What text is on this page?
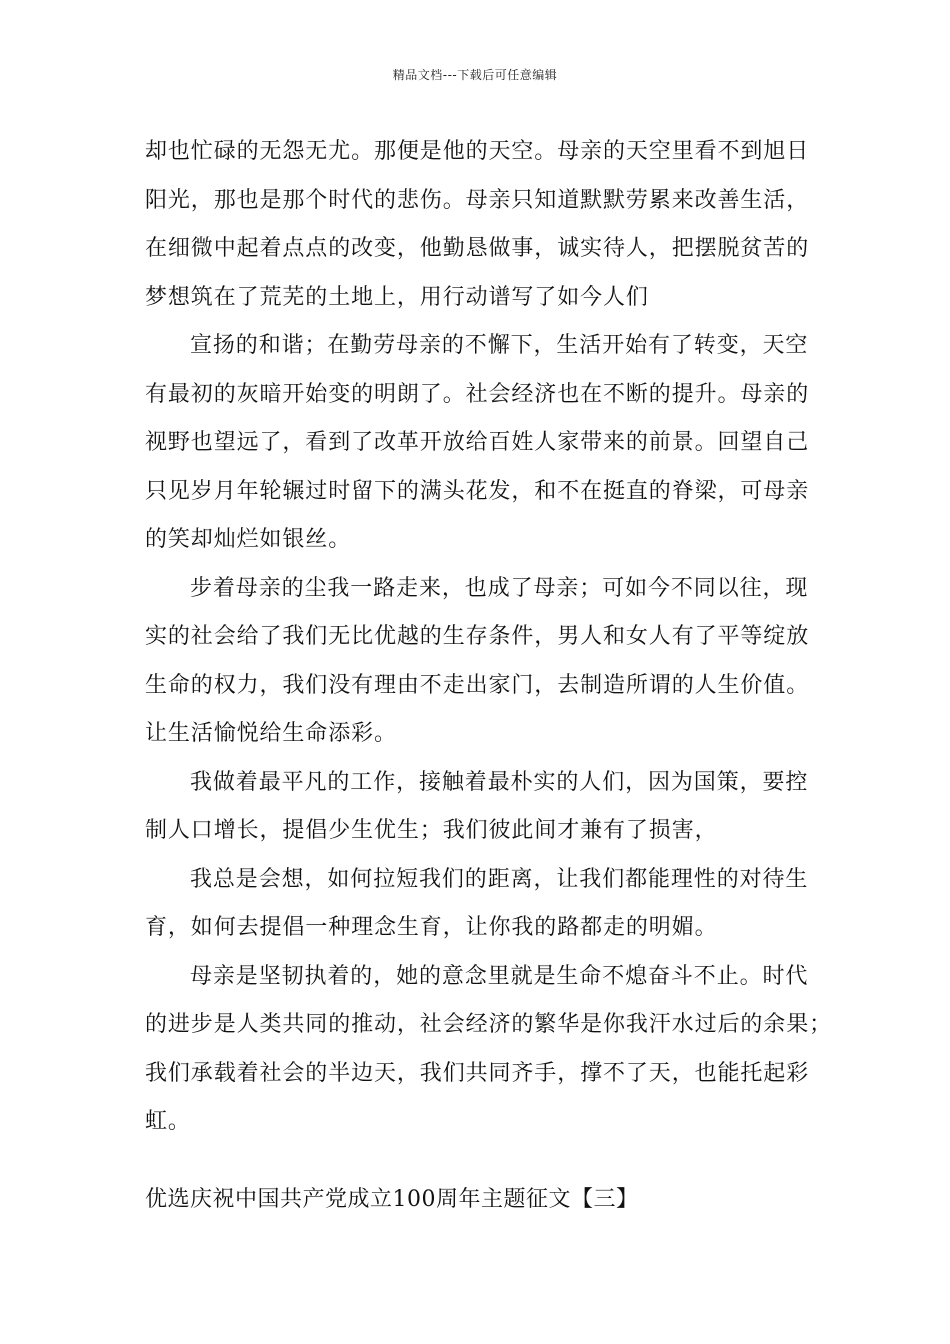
精品文档---下载后可任意编辑
却也忙碌的无怨无尤。那便是他的天空。母亲的天空里看不到旭日
阳光，那也是那个时代的悲伤。母亲只知道默默劳累来改善生活，
在细微中起着点点的改变，他勤恳做事，诚实待人，把摆脱贫苦的
梦想筑在了荒芜的土地上，用行动谱写了如今人们
宣扬的和谐；在勤劳母亲的不懈下，生活开始有了转变，天空
有最初的灰暗开始变的明朗了。社会经济也在不断的提升。母亲的
视野也望远了，看到了改革开放给百姓人家带来的前景。回望自己
只见岁月年轮辗过时留下的满头花发，和不在挺直的脊梁，可母亲
的笑却灿烂如银丝。
步着母亲的尘我一路走来，也成了母亲；可如今不同以往，现
实的社会给了我们无比优越的生存条件，男人和女人有了平等绽放
生命的权力，我们没有理由不走出家门，去制造所谓的人生价值。
让生活愉悦给生命添彩。
我做着最平凡的工作，接触着最朴实的人们，因为国策，要控
制人口增长，提倡少生优生；我们彼此间才兼有了损害，
我总是会想，如何拉短我们的距离，让我们都能理性的对待生
育，如何去提倡一种理念生育，让你我的路都走的明媚。
母亲是坚韧执着的，她的意念里就是生命不熄奋斗不止。时代
的进步是人类共同的推动，社会经济的繁华是你我汗水过后的余果；
我们承载着社会的半边天，我们共同齐手，撑不了天，也能托起彩
虹。
优选庆祝中国共产党成立100周年主题征文【三】
